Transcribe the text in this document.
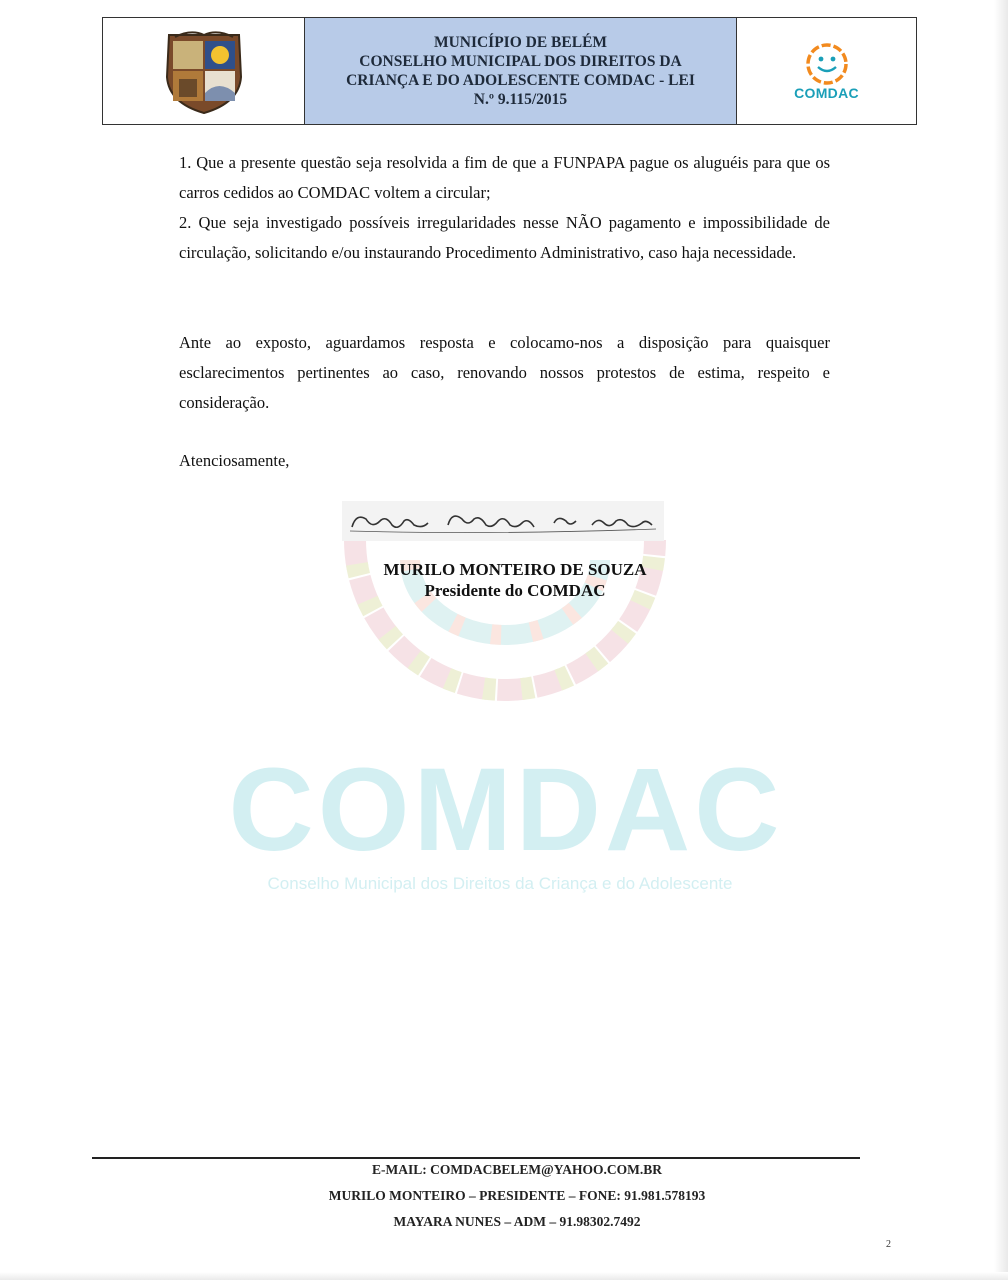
COMDAC
Conselho Municipal dos Direitos da Criança e do Adolescente
MUNICÍPIO DE BELÉM
CONSELHO MUNICIPAL DOS DIREITOS DA
CRIANÇA E DO ADOLESCENTE COMDAC - LEI
N.º 9.115/2015	COMDAC

1. Que a presente questão seja resolvida a fim de que a FUNPAPA pague os aluguéis para que os carros cedidos ao COMDAC voltem a circular;

2. Que seja investigado possíveis irregularidades nesse NÃO pagamento e impossibilidade de circulação, solicitando e/ou instaurando Procedimento Administrativo, caso haja necessidade.

Ante ao exposto, aguardamos resposta e colocamo-nos a disposição para quaisquer esclarecimentos pertinentes ao caso, renovando nossos protestos de estima, respeito e consideração.

Atenciosamente,

MURILO MONTEIRO DE SOUZA
Presidente do COMDAC
E-MAIL: COMDACBELEM@YAHOO.COM.BR
MURILO MONTEIRO – PRESIDENTE – FONE: 91.981.578193
MAYARA NUNES – ADM – 91.98302.7492
2
